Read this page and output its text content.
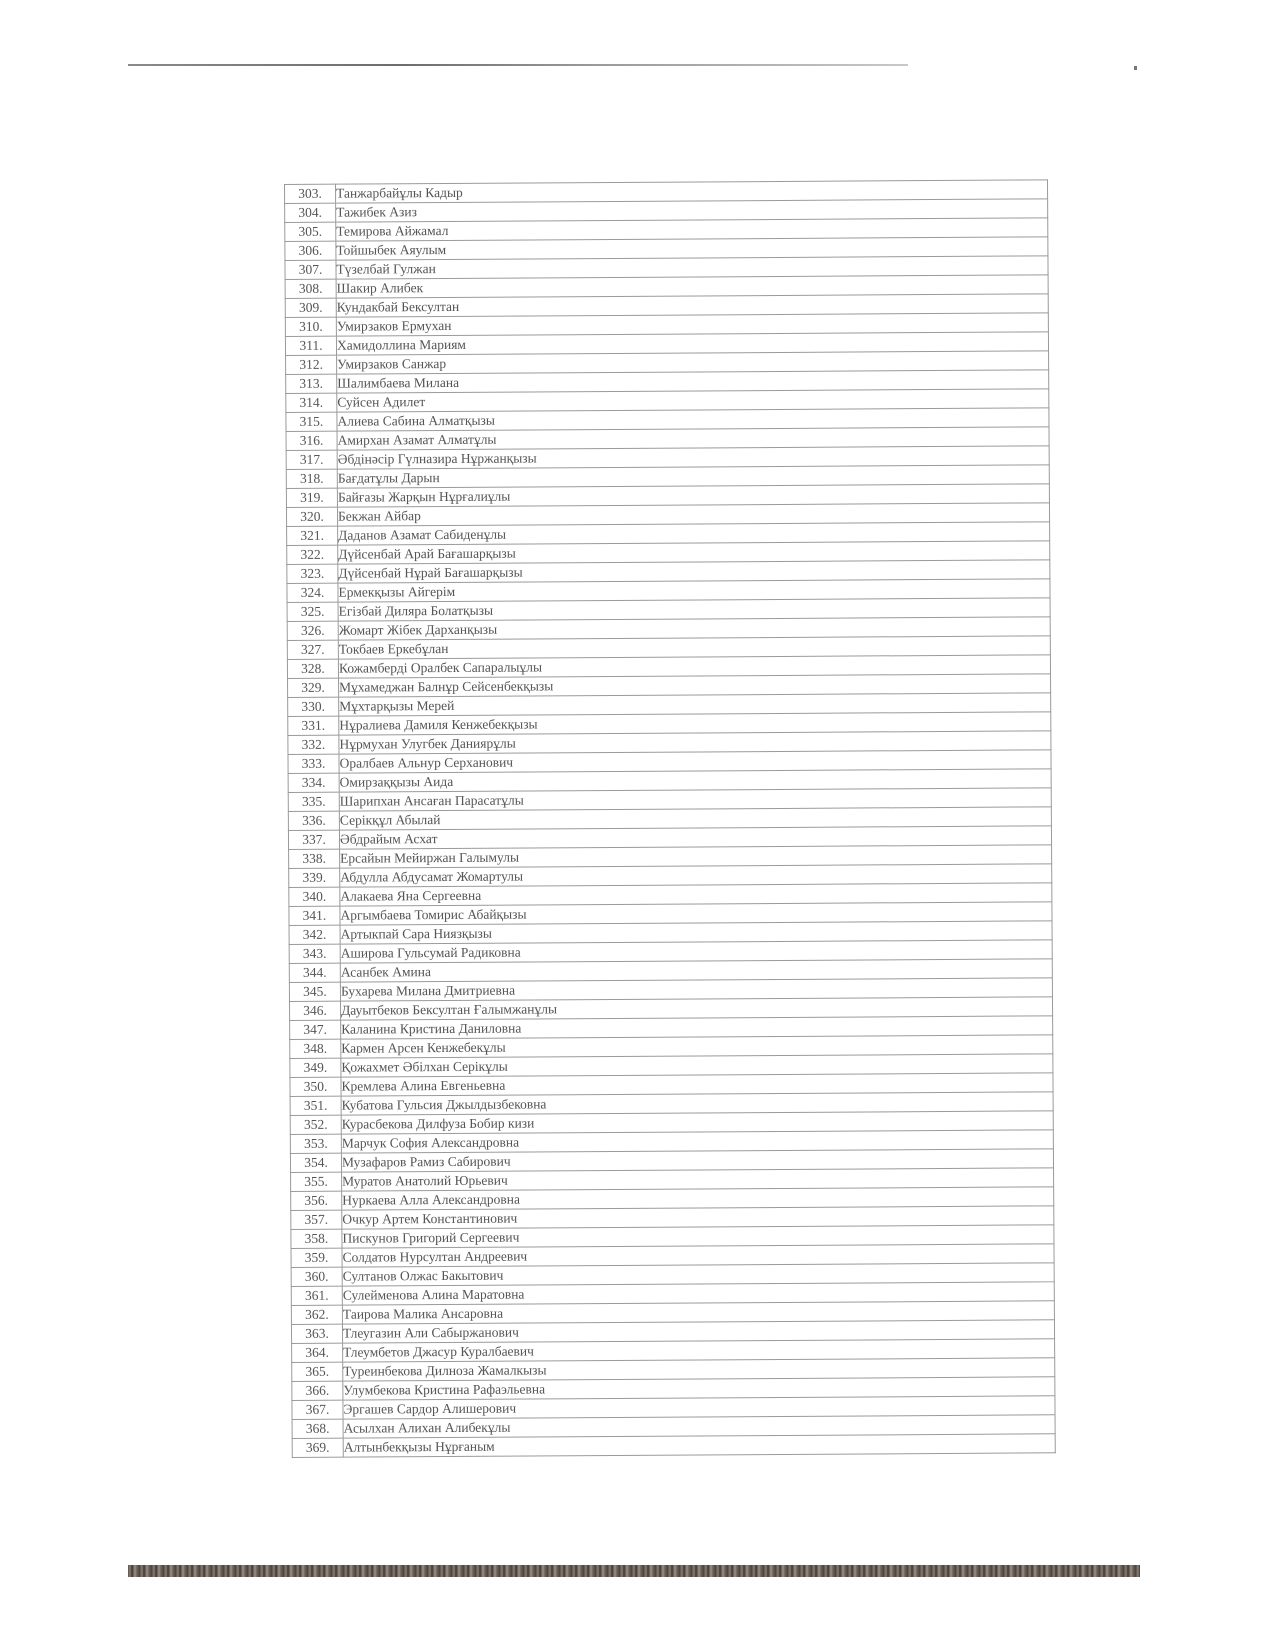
303.	Танжарбайұлы Кадыр
304.	Тажибек Азиз
305.	Темирова Айжамал
306.	Тойшыбек Аяулым
307.	Түзелбай Гулжан
308.	Шакир Алибек
309.	Кундакбай Бексултан
310.	Умирзаков Ермухан
311.	Хамидоллина Мариям
312.	Умирзаков Санжар
313.	Шалимбаева Милана
314.	Суйсен Адилет
315.	Алиева Сабина Алматқызы
316.	Амирхан Азамат Алматұлы
317.	Әбдінәсір Гүлназира Нұржанқызы
318.	Бағдатұлы Дарын
319.	Байғазы Жарқын Нұрғалиұлы
320.	Бекжан Айбар
321.	Даданов Азамат Сабиденұлы
322.	Дүйсенбай Арай Бағашарқызы
323.	Дүйсенбай Нұрай Бағашарқызы
324.	Ермекқызы Айгерім
325.	Егізбай Диляра Болатқызы
326.	Жомарт Жібек Дарханқызы
327.	Токбаев Еркебұлан
328.	Кожамберді Оралбек Сапаралыұлы
329.	Мұхамеджан Балнұр Сейсенбекқызы
330.	Мұхтарқызы Мерей
331.	Нұралиева Дамиля Кенжебекқызы
332.	Нұрмухан Улугбек Даниярұлы
333.	Оралбаев Альнур Серханович
334.	Омирзаққызы Аида
335.	Шарипхан Ансаған Парасатұлы
336.	Серікқұл Абылай
337.	Әбдрайым Асхат
338.	Ерсайын Мейиржан Галымулы
339.	Абдулла Абдусамат Жомартулы
340.	Алакаева Яна Сергеевна
341.	Аргымбаева Томирис Абайқызы
342.	Артыкпай Сара Ниязқызы
343.	Аширова Гульсумай Радиковна
344.	Асанбек Амина
345.	Бухарева Милана Дмитриевна
346.	Дауытбеков Бексултан Ғалымжанұлы
347.	Каланина Кристина Даниловна
348.	Кармен Арсен Кенжебекұлы
349.	Қожахмет Әбілхан Серікұлы
350.	Кремлева Алина Евгеньевна
351.	Кубатова Гульсия Джылдызбековна
352.	Курасбекова Дилфуза Бобир кизи
353.	Марчук София Александровна
354.	Музафаров Рамиз Сабирович
355.	Муратов Анатолий Юрьевич
356.	Нуркаева Алла Александровна
357.	Очкур Артем Константинович
358.	Пискунов Григорий Сергеевич
359.	Солдатов Нурсултан Андреевич
360.	Султанов Олжас Бакытович
361.	Сулейменова Алина Маратовна
362.	Таирова Малика Ансаровна
363.	Тлеугазин Али Сабыржанович
364.	Тлеумбетов Джасур Куралбаевич
365.	Туреинбекова Дилноза Жамалкызы
366.	Улумбекова Кристина Рафаэльевна
367.	Эргашев Сардор Алишерович
368.	Асылхан Алихан Алибекұлы
369.	Алтынбекқызы Нұрғаным
